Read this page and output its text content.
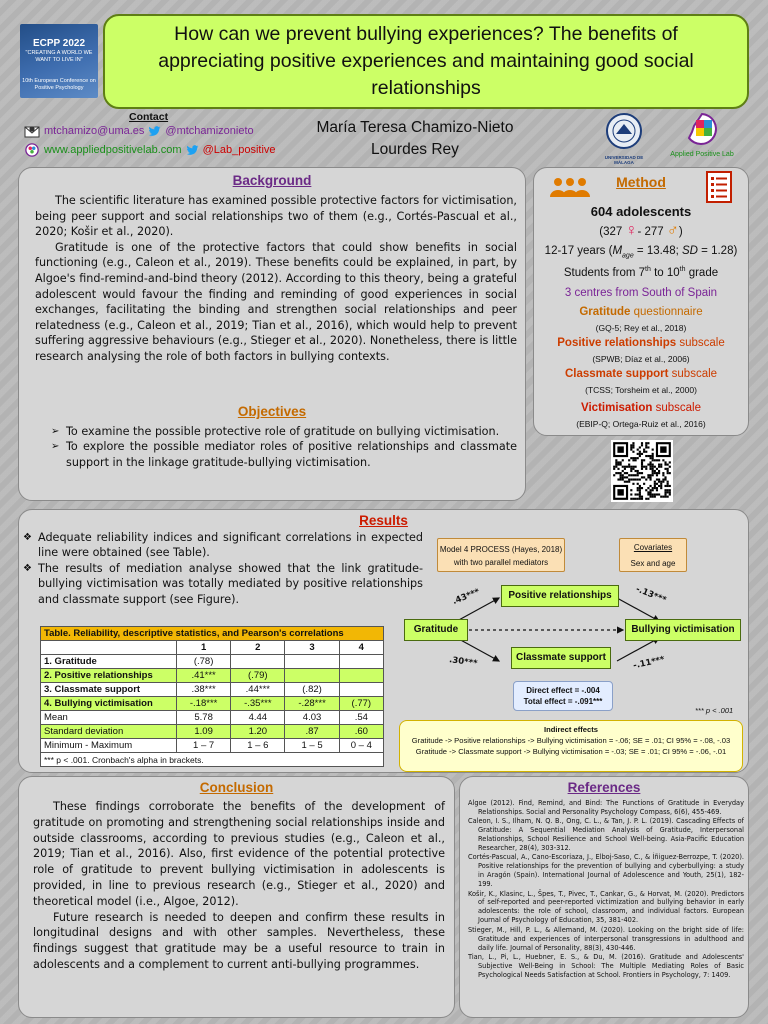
ECPP 2022
"CREATING A WORLD WE WANT TO LIVE IN"
10th European Conference on Positive Psychology
How can we prevent bullying experiences? The benefits of appreciating positive experiences and maintaining good social relationships
Contact
mtchamizo@uma.es @mtchamizonieto
www.appliedpositivelab.com @Lab_positive
María Teresa Chamizo-Nieto
Lourdes Rey	UNIVERSIDAD DE MÁLAGA
Applied Positive Lab
Background

The scientific literature has examined possible protective factors for victimisation, being peer support and social relationships two of them (e.g., Cortés-Pascual et al., 2020; Košir et al., 2020).

Gratitude is one of the protective factors that could show benefits in social functioning (e.g., Caleon et al., 2019). These benefits could be explained, in part, by Algoe's find-remind-and-bind theory (2012). According to this theory, being a grateful adolescent would favour the finding and reminding of good experiences in social exchanges, facilitating the binding and strengthen social relationships and peer relatedness (e.g., Caleon et al., 2019; Tian et al., 2016), which would help to prevent suffering aggressive behaviours (e.g., Stieger et al., 2020). Nonetheless, there is little research analysing the role of both factors in bullying contexts.

Objectives
➢ To examine the possible protective role of gratitude on bullying victimisation.
➢ To explore the possible mediator roles of positive relationships and classmate support in the linkage gratitude-bullying victimisation.
Method
604 adolescents
(327 ♀- 277 ♂)
12-17 years ($M_{age} = 13.48$; SD = 1.28)
Students from 7th to 10th grade
3 centres from South of Spain
Gratitude questionnaire
(GQ-5; Rey et al., 2018)
Positive relationships subscale
(SPWB; Díaz et al., 2006)
Classmate support subscale
(TCSS; Torsheim et al., 2000)
Victimisation subscale
(EBIP-Q; Ortega-Ruiz et al., 2016)
Results
❖ Adequate reliability indices and significant correlations in expected line were obtained (see Table).
❖ The results of mediation analyse showed that the link gratitude-bullying victimisation was totally mediated by positive relationships and classmate support (see Figure).
Table. Reliability, descriptive statistics, and Pearson's correlations				
	1	2	3	4
1. Gratitude	(.78)			
2. Positive relationships	.41***	(.79)		
3. Classmate support	.38***	.44***	(.82)	
4. Bullying victimisation	-.18***	-.35***	-.28***	(.77)
Mean	5.78	4.44	4.03	.54
Standard deviation	1.09	1.20	.87	.60
Minimum - Maximum	1 – 7	1 – 6	1 – 5	0 – 4
*** p < .001. Cronbach's alpha in brackets.				
Model 4 PROCESS (Hayes, 2018) with two parallel mediators
Covariates
Sex and age
Gratitude
Positive relationships
Classmate support
Bullying victimisation
.43***	-.13***
.30***	-.11***
Direct effect = -.004
Total effect = -.091***
*** p < .001
Indirect effects
Gratitude -> Positive relationships -> Bullying victimisation = -.06; SE = .01; CI 95% = -.08, -.03
Gratitude -> Classmate support -> Bullying victimisation = -.03; SE = .01; CI 95% = -.06, -.01
Conclusion

These findings corroborate the benefits of the development of gratitude on promoting and strengthening social relationships inside and outside classrooms, according to previous studies (e.g., Caleon et al., 2019; Tian et al., 2016). Also, first evidence of the potential protective role of gratitude to prevent bullying victimisation in adolescents is provided, in line to previous research (e.g., Stieger et al., 2020) and theoretical model (i.e., Algoe, 2012).

Future research is needed to deepen and confirm these results in longitudinal designs and with other samples. Nevertheless, these findings suggest that gratitude may be a useful resource to train in adolescents and a complement to current anti-bullying programmes.

References
Algoe (2012). Find, Remind, and Bind: The Functions of Gratitude in Everyday Relationships. Social and Personality Psychology Compass, 6(6), 455-469.
Caleon, I. S., Ilham, N. Q. B., Ong, C. L., & Tan, J. P. L. (2019). Cascading Effects of Gratitude: A Sequential Mediation Analysis of Gratitude, Interpersonal Relationships, School Resilience and School Well-being. Asia-Pacific Education Researcher, 28(4), 303-312.
Cortés-Pascual, A., Cano-Escoriaza, J., Elboj-Saso, C., & Íñiguez-Berrozpe, T. (2020). Positive relationships for the prevention of bullying and cyberbullying: a study in Aragón (Spain). International Journal of Adolescence and Youth, 25(1), 182-199.
Košir, K., Klasinc, L., Špes, T., Pivec, T., Cankar, G., & Horvat, M. (2020). Predictors of self-reported and peer-reported victimization and bullying behavior in early adolescents: the role of school, classroom, and individual factors. European Journal of Psychology of Education, 35, 381-402.
Stieger, M., Hill, P. L., & Allemand, M. (2020). Looking on the bright side of life: Gratitude and experiences of interpersonal transgressions in adulthood and daily life. Journal of Personality, 88(3), 430-446.
Tian, L., Pi, L., Huebner, E. S., & Du, M. (2016). Gratitude and Adolescents' Subjective Well-Being in School: The Multiple Mediating Roles of Basic Psychological Needs Satisfaction at School. Frontiers in Psychology, 7: 1409.
